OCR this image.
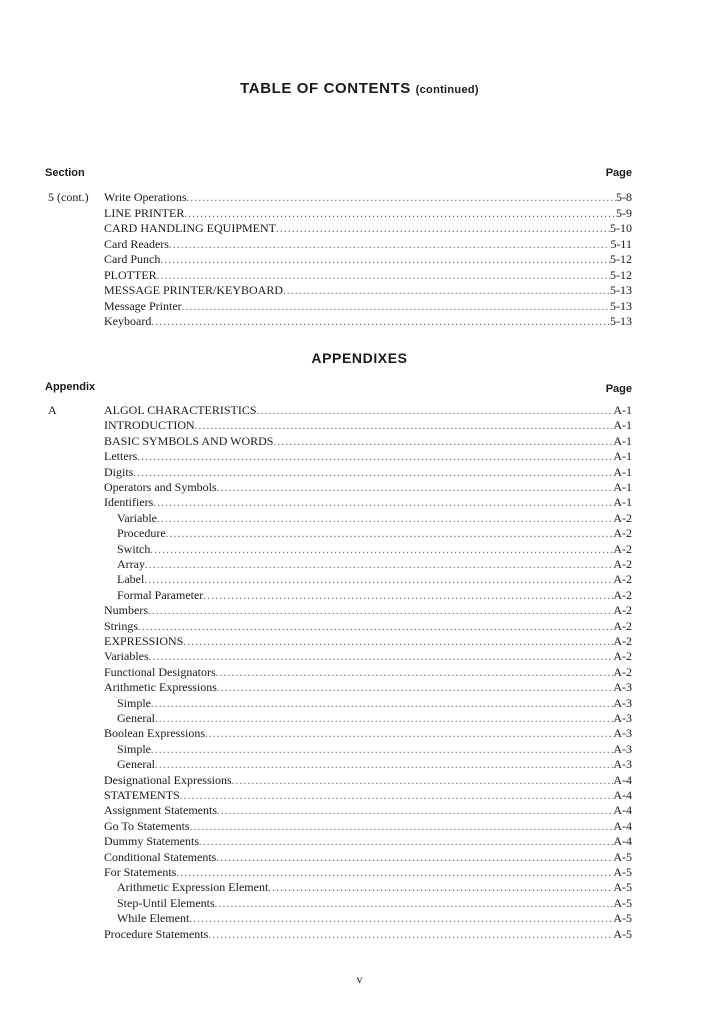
TABLE OF CONTENTS (continued)
Section	Page
5 (cont.) Write Operations .....	5-8
LINE PRINTER .....	5-9
CARD HANDLING EQUIPMENT .....	5-10
Card Readers .....	5-11
Card Punch .....	5-12
PLOTTER .....	5-12
MESSAGE PRINTER/KEYBOARD .....	5-13
Message Printer .....	5-13
Keyboard .....	5-13
APPENDIXES
Appendix	Page
A	ALGOL CHARACTERISTICS .....	A-1
INTRODUCTION .....	A-1
BASIC SYMBOLS AND WORDS .....	A-1
Letters .....	A-1
Digits .....	A-1
Operators and Symbols .....	A-1
Identifiers .....	A-1
Variable .....	A-2
Procedure .....	A-2
Switch .....	A-2
Array .....	A-2
Label .....	A-2
Formal Parameter .....	A-2
Numbers .....	A-2
Strings .....	A-2
EXPRESSIONS .....	A-2
Variables .....	A-2
Functional Designators .....	A-2
Arithmetic Expressions .....	A-3
Simple .....	A-3
General .....	A-3
Boolean Expressions .....	A-3
Simple .....	A-3
General .....	A-3
Designational Expressions .....	A-4
STATEMENTS .....	A-4
Assignment Statements .....	A-4
Go To Statements .....	A-4
Dummy Statements .....	A-4
Conditional Statements .....	A-5
For Statements .....	A-5
Arithmetic Expression Element .....	A-5
Step-Until Elements .....	A-5
While Element .....	A-5
Procedure Statements .....	A-5
v
